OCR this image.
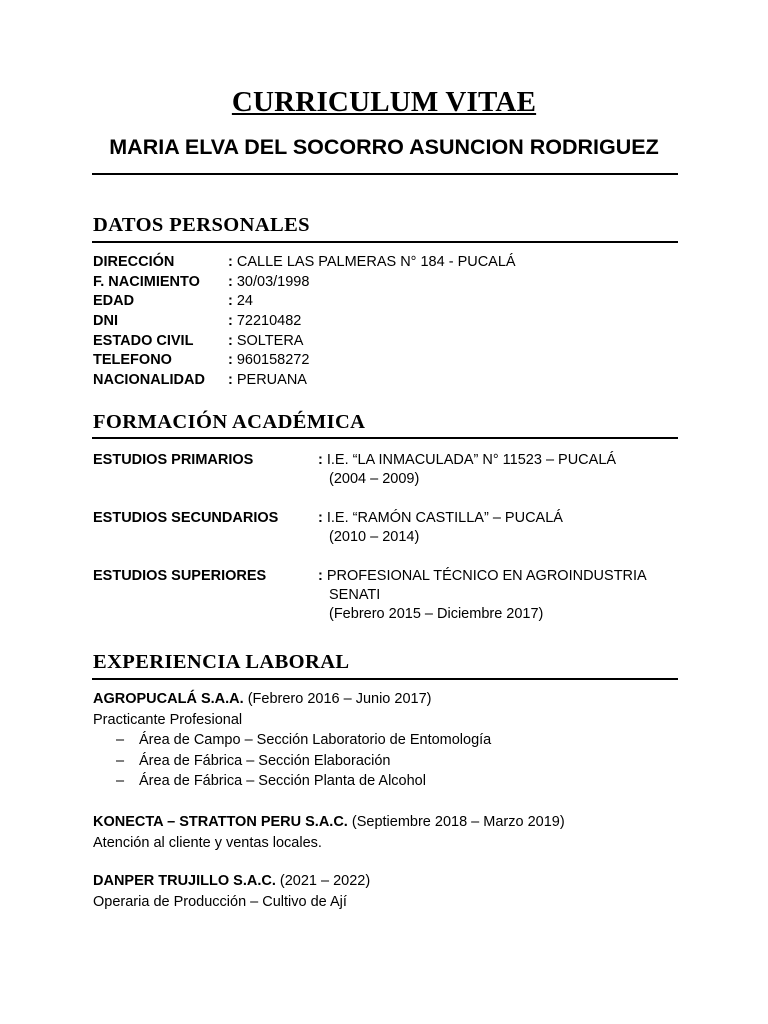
CURRICULUM VITAE
MARIA ELVA DEL SOCORRO ASUNCION RODRIGUEZ
DATOS PERSONALES
DIRECCIÓN	: CALLE LAS PALMERAS N° 184 - PUCALÁ
F. NACIMIENTO : 30/03/1998
EDAD	: 24
DNI	: 72210482
ESTADO CIVIL : SOLTERA
TELEFONO	: 960158272
NACIONALIDAD : PERUANA
FORMACIÓN ACADÉMICA
ESTUDIOS PRIMARIOS	: I.E. “LA INMACULADA” N° 11523 – PUCALÁ
(2004 – 2009)
ESTUDIOS SECUNDARIOS	: I.E. “RAMÓN CASTILLA” – PUCALÁ
(2010 – 2014)
ESTUDIOS SUPERIORES	: PROFESIONAL TÉCNICO EN AGROINDUSTRIA
SENATI
(Febrero 2015 – Diciembre 2017)
EXPERIENCIA LABORAL
AGROPUCALÁ S.A.A. (Febrero 2016 – Junio 2017)
Practicante Profesional
– Área de Campo – Sección Laboratorio de Entomología
– Área de Fábrica – Sección Elaboración
– Área de Fábrica – Sección Planta de Alcohol
KONECTA – STRATTON PERU S.A.C. (Septiembre 2018 – Marzo 2019)
Atención al cliente y ventas locales.
DANPER TRUJILLO S.A.C. (2021 – 2022)
Operaria de Producción – Cultivo de Ají
